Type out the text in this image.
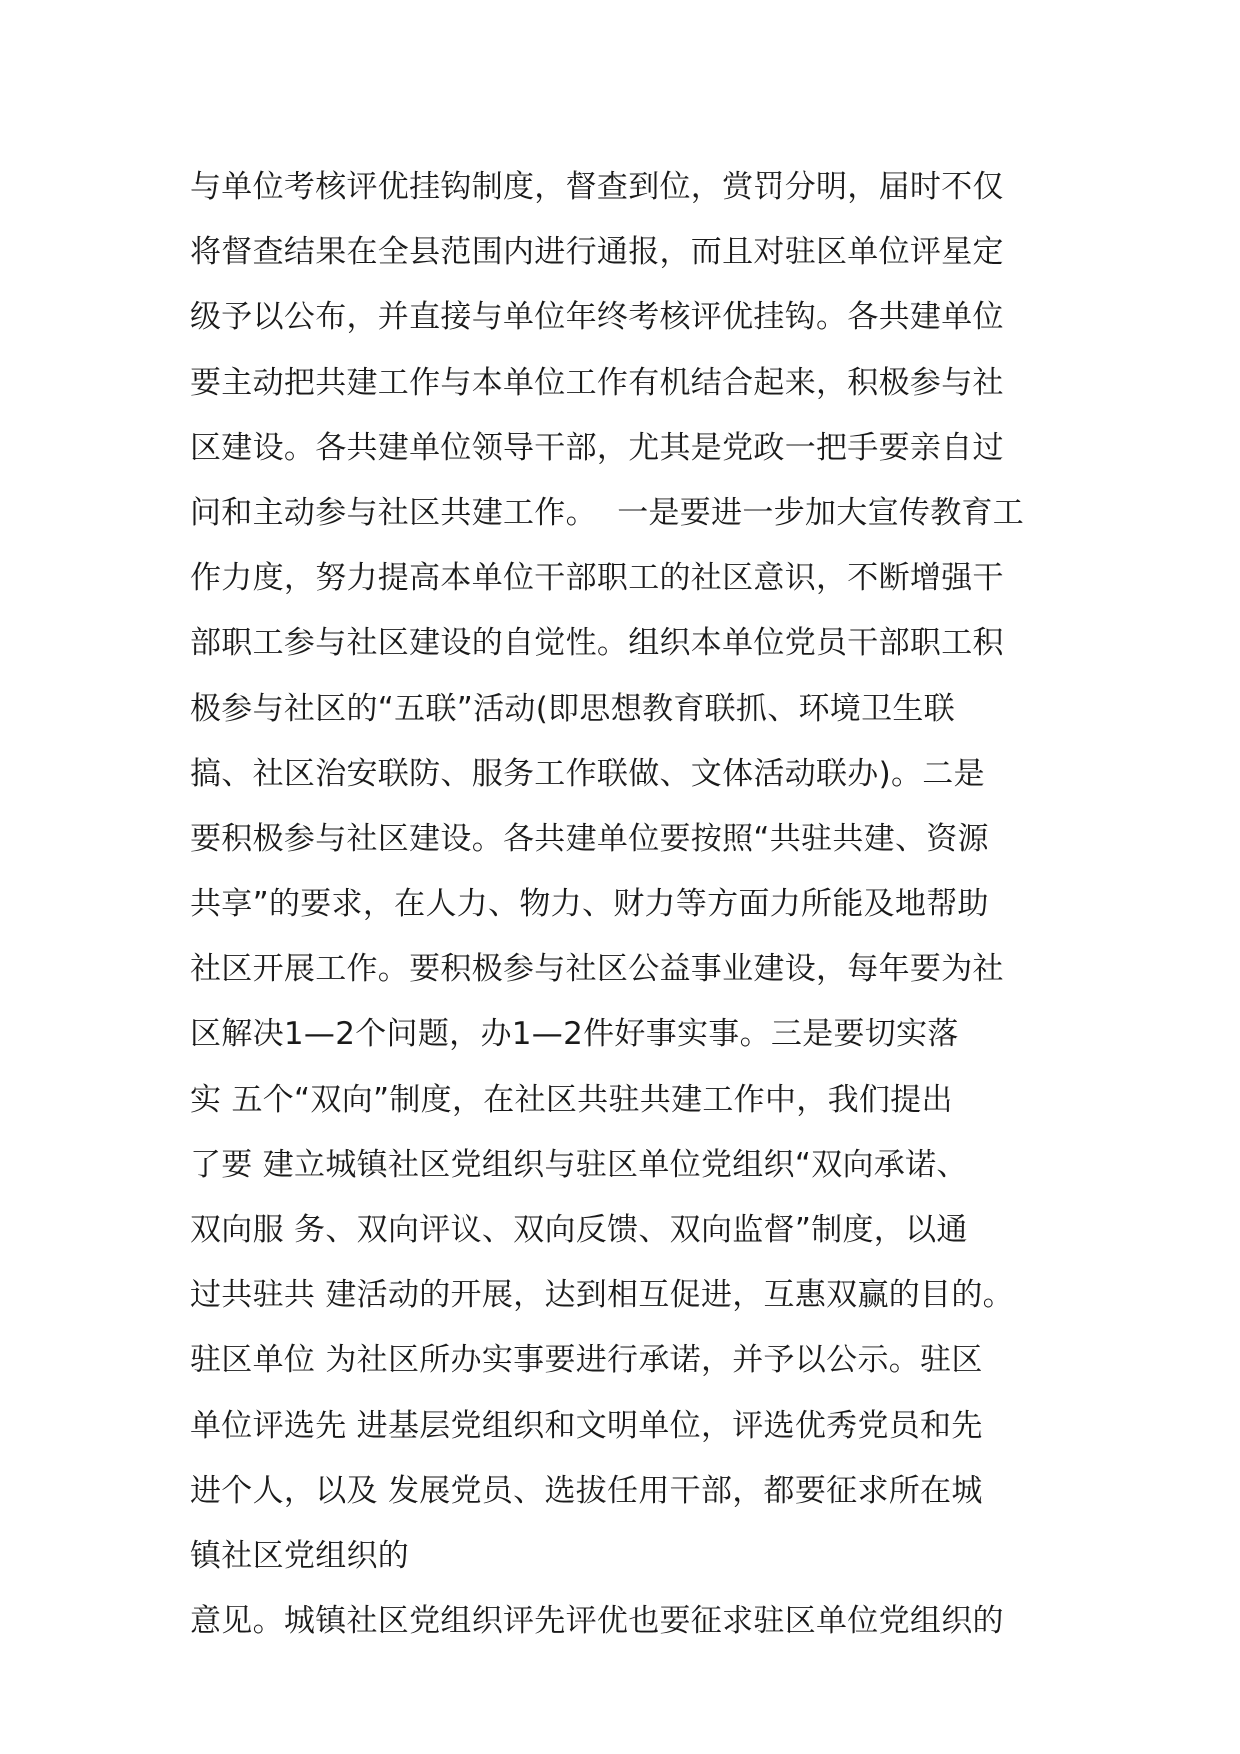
与单位考核评优挂钩制度，督查到位，赏罚分明，届时不仅
将督查结果在全县范围内进行通报，而且对驻区单位评星定
级予以公布，并直接与单位年终考核评优挂钩。各共建单位
要主动把共建工作与本单位工作有机结合起来，积极参与社
区建设。各共建单位领导干部，尤其是党政一把手要亲自过
问和主动参与社区共建工作。  一是要进一步加大宣传教育工
作力度，努力提高本单位干部职工的社区意识，不断增强干
部职工参与社区建设的自觉性。组织本单位党员干部职工积
极参与社区的“五联”活动(即思想教育联抓、环境卫生联
搞、社区治安联防、服务工作联做、文体活动联办)。二是
要积极参与社区建设。各共建单位要按照“共驻共建、资源
共享”的要求，在人力、物力、财力等方面力所能及地帮助
社区开展工作。要积极参与社区公益事业建设，每年要为社
区解决1—2个问题，办1—2件好事实事。三是要切实落
实 五个“双向”制度，在社区共驻共建工作中，我们提出
了要 建立城镇社区党组织与驻区单位党组织“双向承诺、
双向服 务、双向评议、双向反馈、双向监督”制度，以通
过共驻共 建活动的开展，达到相互促进，互惠双赢的目的。
驻区单位 为社区所办实事要进行承诺，并予以公示。驻区
单位评选先 进基层党组织和文明单位，评选优秀党员和先
进个人，以及 发展党员、选拔任用干部，都要征求所在城
镇社区党组织的
意见。城镇社区党组织评先评优也要征求驻区单位党组织的
